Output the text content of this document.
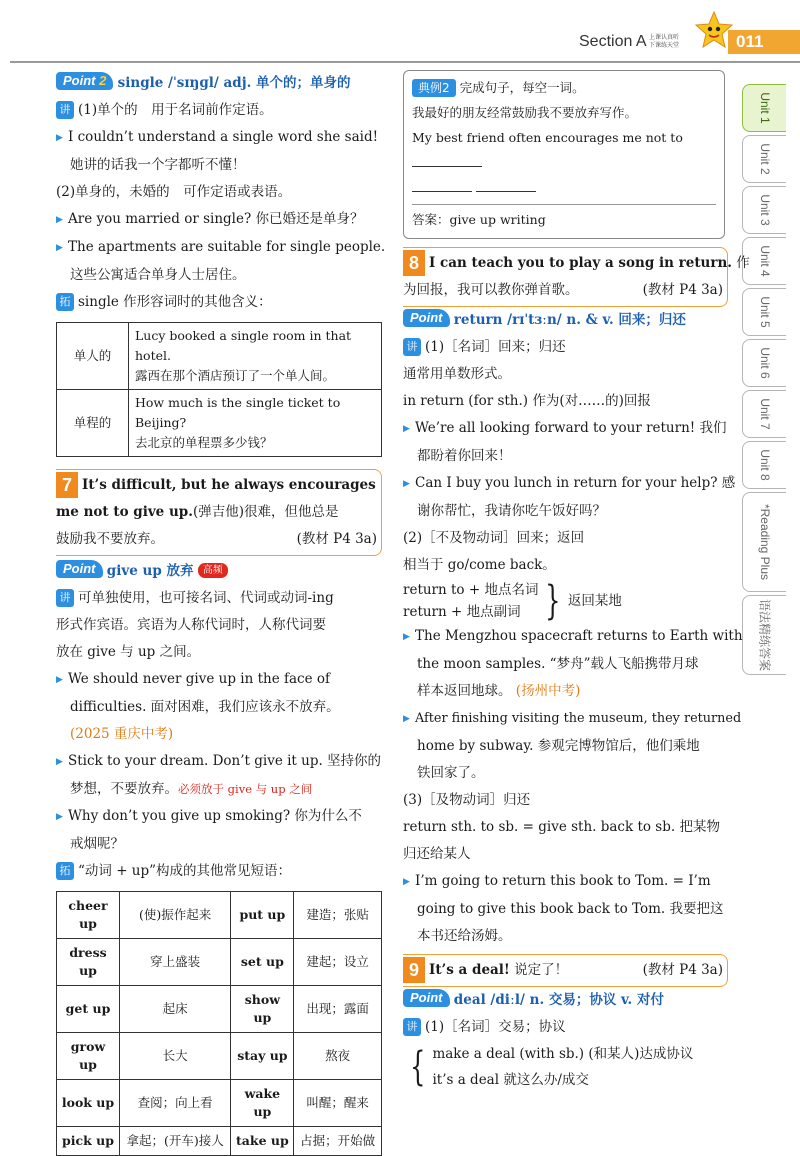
Section A 上课认真听
下课练天堂	011
Unit 1
Unit 2
Unit 3
Unit 4
Unit 5
Unit 6
Unit 7
Unit 8
*Reading Plus
语法精练答案
Point 2 single /ˈsɪŋɡl/ adj. 单个的；单身的
讲 (1)单个的　用于名词前作定语。
▶ I couldn’t understand a single word she said!
她讲的话我一个字都听不懂！
(2)单身的，未婚的　可作定语或表语。
▶ Are you married or single? 你已婚还是单身？
▶ The apartments are suitable for single people.
这些公寓适合单身人士居住。
拓 single 作形容词时的其他含义：
单人的	Lucy booked a single room in that hotel.
露西在那个酒店预订了一个单人间。

单程的	How much is the single ticket to Beijing?
去北京的单程票多少钱？
7 It’s difficult, but he always encourages
me not to give up.(弹吉他)很难，但他总是
鼓励我不要放弃。	(教材 P4 3a)
Point give up 放弃 高频
讲 可单独使用，也可接名词、代词或动词-ing
形式作宾语。宾语为人称代词时，人称代词要
放在 give 与 up 之间。
▶ We should never give up in the face of
difficulties. 面对困难，我们应该永不放弃。
(2025 重庆中考)
▶ Stick to your dream. Don’t give it up. 坚持你的
梦想，不要放弃。必须放于 give 与 up 之间
▶ Why don’t you give up smoking? 你为什么不
戒烟呢？
拓 “动词 + up”构成的其他常见短语：
cheer up	(使)振作起来	put up	建造；张贴
dress up	穿上盛装	set up	建起；设立
get up	起床	show up	出现；露面
grow up	长大	stay up	熬夜
look up	查阅；向上看	wake up	叫醒；醒来
pick up	拿起；(开车)接人	take up	占据；开始做
典例2 完成句子，每空一词。
我最好的朋友经常鼓励我不要放弃写作。
My best friend often encourages me not to

答案：give up writing
8 I can teach you to play a song in return. 作
为回报，我可以教你弹首歌。	(教材 P4 3a)
Point return /rɪˈtɜːn/ n. & v. 回来；归还
讲 (1)［名词］回来；归还
通常用单数形式。
in return (for sth.) 作为(对……的)回报
▶ We’re all looking forward to your return! 我们
都盼着你回来！
▶ Can I buy you lunch in return for your help? 感
谢你帮忙，我请你吃午饭好吗？
(2)［不及物动词］回来；返回
相当于 go/come back。
return to + 地点名词
return + 地点副词 } 返回某地
▶ The Mengzhou spacecraft returns to Earth with
the moon samples. “梦舟”载人飞船携带月球
样本返回地球。 (扬州中考)
▶ After finishing visiting the museum, they returned
home by subway. 参观完博物馆后，他们乘地
铁回家了。
(3)［及物动词］归还
return sth. to sb. = give sth. back to sb. 把某物
归还给某人
▶ I’m going to return this book to Tom. = I’m
going to give this book back to Tom. 我要把这
本书还给汤姆。
9 It’s a deal! 说定了！	(教材 P4 3a)
Point deal /diːl/ n. 交易；协议 v. 对付
讲 (1)［名词］交易；协议
{ make a deal (with sb.) (和某人)达成协议
it’s a deal 就这么办/成交
